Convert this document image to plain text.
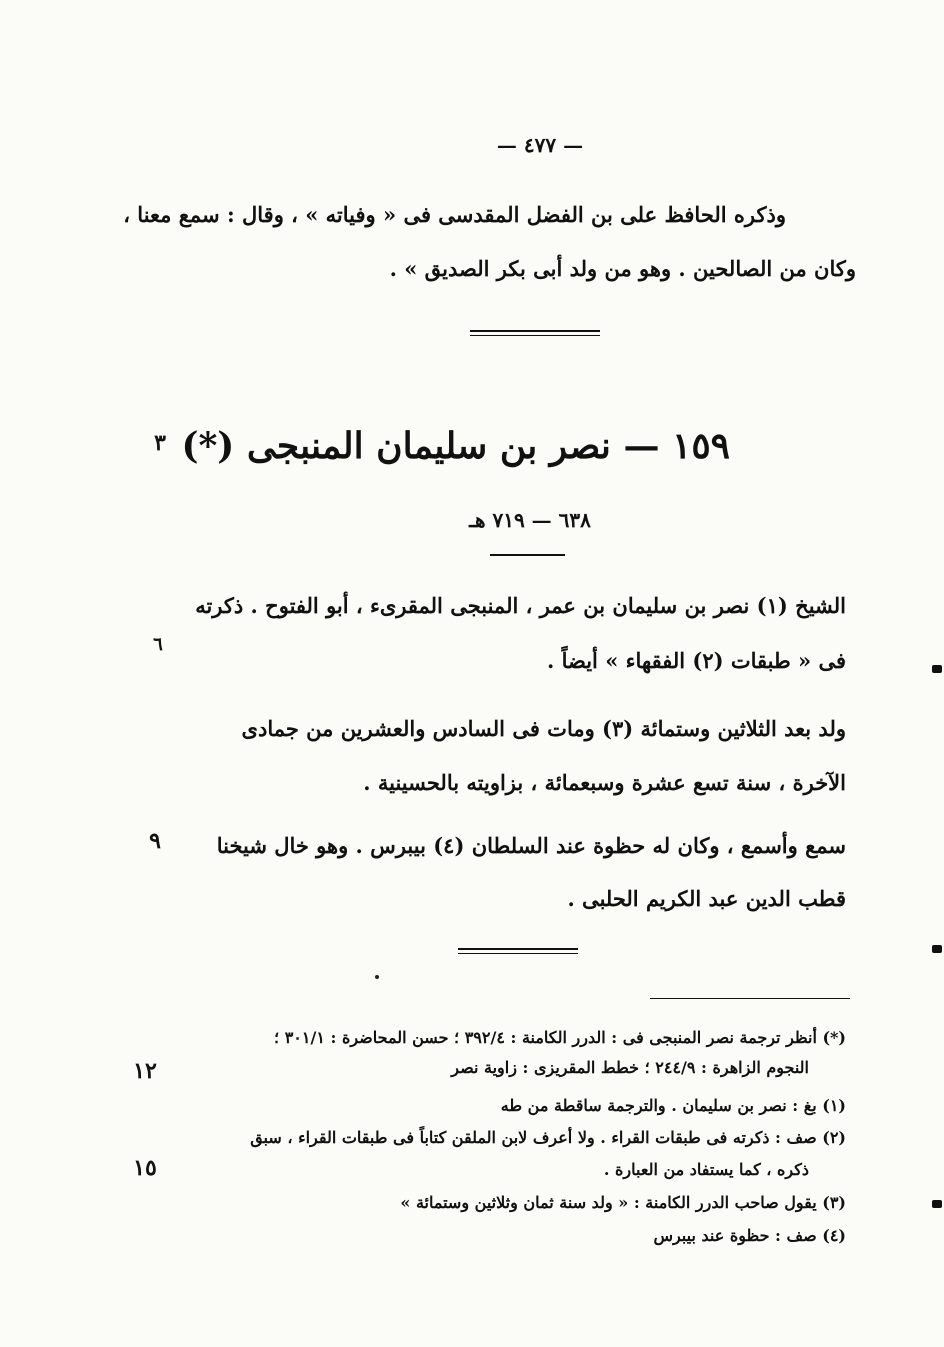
— ٤٧٧ —
وذكره الحافظ على بن الفضل المقدسى فى « وفياته » ، وقال : سمع معنا ،
وكان من الصالحين . وهو من ولد أبى بكر الصديق » .
١٥٩ — نصر بن سليمان المنبجى (*)
٣
٦٣٨ — ٧١٩ هـ
الشيخ (١) نصر بن سليمان بن عمر ، المنبجى المقرىء ، أبو الفتوح . ذكرته
فى « طبقات (٢) الفقهاء » أيضاً .
٦
ولد بعد الثلاثين وستمائة (٣) ومات فى السادس والعشرين من جمادى
الآخرة ، سنة تسع عشرة وسبعمائة ، بزاويته بالحسينية .
سمع وأسمع ، وكان له حظوة عند السلطان (٤) بيبرس . وهو خال شيخنا
قطب الدين عبد الكريم الحلبى .
٩
(*) أنظر ترجمة نصر المنبجى فى : الدرر الكامنة : ٣٩٢/٤ ؛ حسن المحاضرة : ٣٠١/١ ؛
النجوم الزاهرة : ٢٤٤/٩ ؛ خطط المقريزى : زاوية نصر
١٢
(١) بغ : نصر بن سليمان . والترجمة ساقطة من طه
(٢) صف : ذكرته فى طبقات القراء . ولا أعرف لابن الملقن كتاباً فى طبقات القراء ، سبق
ذكره ، كما يستفاد من العبارة .
١٥
(٣) يقول صاحب الدرر الكامنة : « ولد سنة ثمان وثلاثين وستمائة »
(٤) صف : حظوة عند بيبرس
